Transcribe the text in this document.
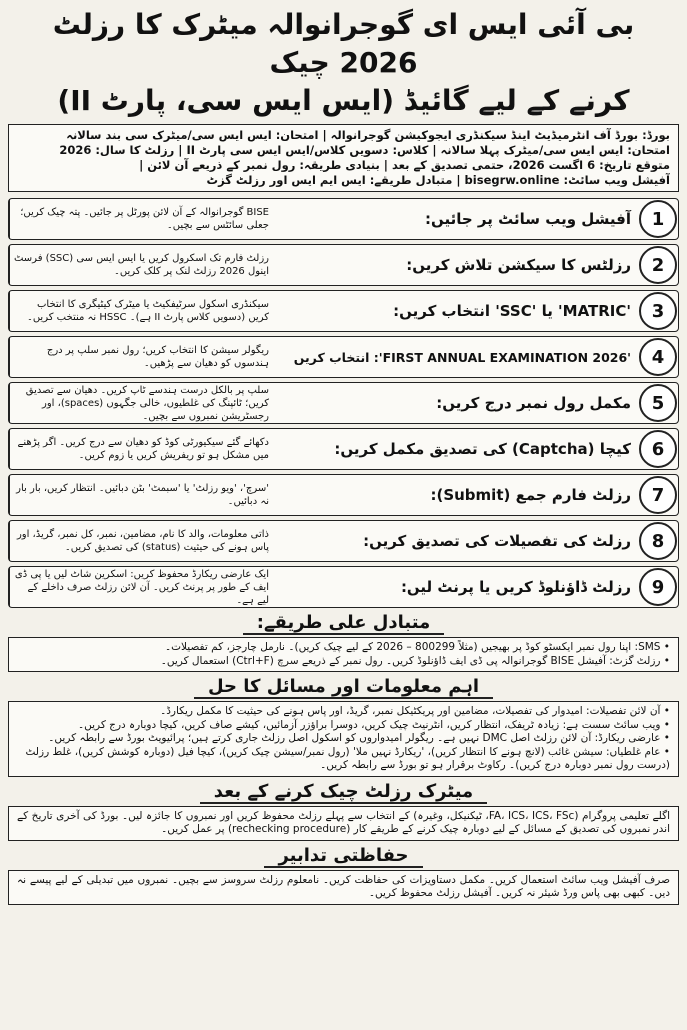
بی آئی ایس ای گوجرانوالہ میٹرک کا رزلٹ 2026 چیک
کرنے کے لیے گائیڈ (ایس ایس سی، پارٹ II)
بورڈ: بورڈ آف انٹرمیڈیٹ اینڈ سیکنڈری ایجوکیشن گوجرانوالہ | امتحان: ایس ایس سی/میٹرک سی بند سالانہ
امتحان: ایس ایس سی/میٹرک پہلا سالانہ | کلاس: دسویں کلاس/ایس ایس سی پارٹ II | رزلٹ کا سال: 2026
متوقع تاریخ: 6 اگست 2026، حتمی تصدیق کے بعد | بنیادی طریقہ: رول نمبر کے ذریعے آن لائن |
آفیشل ویب سائٹ: bisegrw.online | متبادل طریقے: ایس ایم ایس اور رزلٹ گزٹ
1
آفیشل ویب سائٹ پر جائیں:
BISE گوجرانوالہ کے آن لائن پورٹل پر جائیں۔ پتہ چیک کریں؛ جعلی سائٹس سے بچیں۔
2
رزلٹس کا سیکشن تلاش کریں:
رزلٹ فارم تک اسکرول کریں یا ایس ایس سی (SSC) فرسٹ اینول 2026 رزلٹ لنک پر کلک کریں۔
3
'MATRIC' یا 'SSC' انتخاب کریں:
سیکنڈری اسکول سرٹیفکیٹ یا میٹرک کیٹیگری کا انتخاب کریں (دسویں کلاس پارٹ II ہے)۔ HSSC نہ منتخب کریں۔
4
'FIRST ANNUAL EXAMINATION 2026': انتخاب کریں
ریگولر سیشن کا انتخاب کریں؛ رول نمبر سلپ پر درج ہندسوں کو دھیان سے پڑھیں۔
5
مکمل رول نمبر درج کریں:
سلپ پر بالکل درست ہندسے ٹاپ کریں۔ دھیان سے تصدیق کریں؛ ٹائپنگ کی غلطیوں، خالی جگہوں (spaces)، اور رجسٹریشن نمبروں سے بچیں۔
6
کیچا (Captcha) کی تصدیق مکمل کریں:
دکھائے گئے سیکیورٹی کوڈ کو دھیان سے درج کریں۔ اگر پڑھنے میں مشکل ہو تو ریفریش کریں یا زوم کریں۔
7
رزلٹ فارم جمع (Submit):
'سرچ'، 'ویو رزلٹ' یا 'سبمٹ' بٹن دبائیں۔ انتظار کریں، بار بار نہ دبائیں۔
8
رزلٹ کی تفصیلات کی تصدیق کریں:
ذاتی معلومات، والد کا نام، مضامین، نمبر، کل نمبر، گریڈ، اور پاس ہونے کی حیثیت (status) کی تصدیق کریں۔
9
رزلٹ ڈاؤنلوڈ کریں یا پرنٹ لیں:
ایک عارضی ریکارڈ محفوظ کریں: اسکرین شاٹ لیں یا پی ڈی ایف کے طور پر پرنٹ کریں۔ آن لائن رزلٹ صرف داخلے کے لیے ہے۔
متبادل علی طریقے:
• SMS: اپنا رول نمبر ایکسٹو کوڈ پر بھیجیں (مثلاً 800299 – 2026 کے لیے چیک کریں)۔ نارمل چارجز، کم تفصیلات۔
• رزلٹ گزٹ: آفیشل BISE گوجرانوالہ پی ڈی ایف ڈاؤنلوڈ کریں۔ رول نمبر کے ذریعے سرچ (Ctrl+F) استعمال کریں۔
اہم معلومات اور مسائل کا حل
• آن لائن تفصیلات: امیدوار کی تفصیلات، مضامین اور پریکٹیکل نمبر، گریڈ، اور پاس ہونے کی حیثیت کا مکمل ریکارڈ۔
• ویب سائٹ سست ہے: زیادہ ٹریفک، انتظار کریں، انٹرنیٹ چیک کریں، دوسرا براؤزر آزمائیں، کیشے صاف کریں، کیچا دوبارہ درج کریں۔
• عارضی ریکارڈ: آن لائن رزلٹ اصل DMC نہیں ہے۔ ریگولر امیدواروں کو اسکول اصل رزلٹ جاری کرتے ہیں؛ پرائیویٹ بورڈ سے رابطہ کریں۔
• عام غلطیاں: سیشن غائب (لانچ ہونے کا انتظار کریں)، 'ریکارڈ نہیں ملا' (رول نمبر/سیشن چیک کریں)، کیچا فیل (دوبارہ کوشش کریں)، غلط رزلٹ (درست رول نمبر دوبارہ درج کریں)۔ رکاوٹ برقرار ہو تو بورڈ سے رابطہ کریں۔
میٹرک رزلٹ چیک کرنے کے بعد
اگلے تعلیمی پروگرام (FA، ICS، ICS، FSc، ٹیکنیکل، وغیرہ) کے انتخاب سے پہلے رزلٹ محفوظ کریں اور نمبروں کا جائزہ لیں۔ بورڈ کی آخری تاریخ کے اندر نمبروں کی تصدیق کے مسائل کے لیے دوبارہ چیک کرنے کے طریقے کار (rechecking procedure) پر عمل کریں۔
حفاظتی تدابیر
صرف آفیشل ویب سائٹ استعمال کریں۔ مکمل دستاویزات کی حفاظت کریں۔ نامعلوم رزلٹ سروسز سے بچیں۔ نمبروں میں تبدیلی کے لیے پیسے نہ دیں۔ کبھی بھی پاس ورڈ شیئر نہ کریں۔ آفیشل رزلٹ محفوظ کریں۔
